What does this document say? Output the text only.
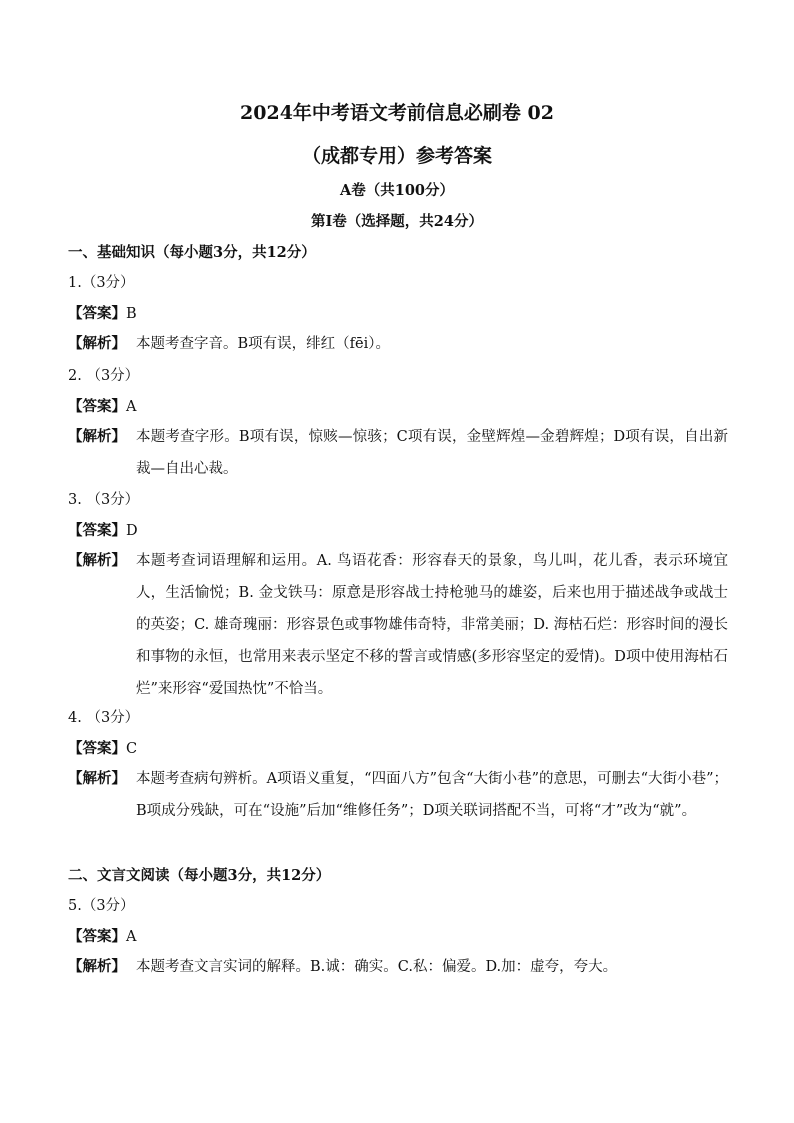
2024年中考语文考前信息必刷卷 02
（成都专用）参考答案
A卷（共100分）
第Ⅰ卷（选择题，共24分）
一、基础知识（每小题3分，共12分）
1.（3分）
【答案】B
【解析】 本题考查字音。B项有误，绯红（fēi）。
2. （3分）
【答案】A
【解析】 本题考查字形。B项有误，惊赅—惊骇；C项有误，金壁辉煌—金碧辉煌；D项有误，自出新裁—自出心裁。
3. （3分）
【答案】D
【解析】 本题考查词语理解和运用。A. 鸟语花香：形容春天的景象，鸟儿叫，花儿香，表示环境宜人，生活愉悦；B. 金戈铁马：原意是形容战士持枪驰马的雄姿，后来也用于描述战争或战士的英姿；C. 雄奇瑰丽：形容景色或事物雄伟奇特，非常美丽；D. 海枯石烂：形容时间的漫长和事物的永恒，也常用来表示坚定不移的誓言或情感(多形容坚定的爱情)。D项中使用海枯石烂”来形容“爱国热忱”不恰当。
4. （3分）
【答案】C
【解析】 本题考查病句辨析。A项语义重复，“四面八方”包含“大街小巷”的意思，可删去“大街小巷”；B项成分残缺，可在“设施”后加“维修任务”；D项关联词搭配不当，可将“才”改为“就”。
二、文言文阅读（每小题3分，共12分）
5.（3分）
【答案】A
【解析】 本题考查文言实词的解释。B.诚：确实。C.私：偏爱。D.加：虚夸，夸大。
